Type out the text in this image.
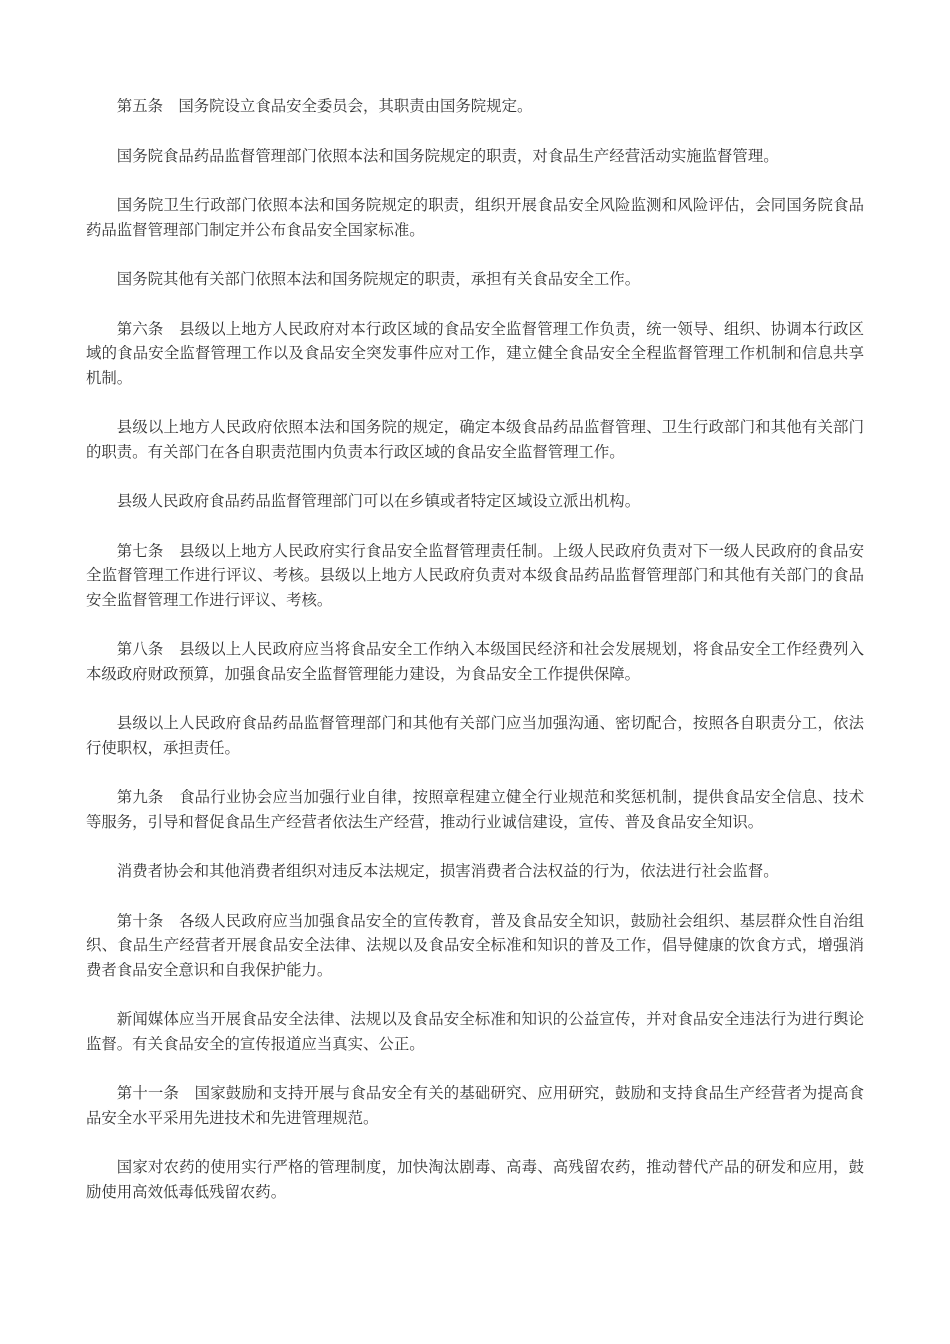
第五条　国务院设立食品安全委员会，其职责由国务院规定。

国务院食品药品监督管理部门依照本法和国务院规定的职责，对食品生产经营活动实施监督管理。

国务院卫生行政部门依照本法和国务院规定的职责，组织开展食品安全风险监测和风险评估，会同国务院食品药品监督管理部门制定并公布食品安全国家标准。

国务院其他有关部门依照本法和国务院规定的职责，承担有关食品安全工作。

第六条　县级以上地方人民政府对本行政区域的食品安全监督管理工作负责，统一领导、组织、协调本行政区域的食品安全监督管理工作以及食品安全突发事件应对工作，建立健全食品安全全程监督管理工作机制和信息共享机制。

县级以上地方人民政府依照本法和国务院的规定，确定本级食品药品监督管理、卫生行政部门和其他有关部门的职责。有关部门在各自职责范围内负责本行政区域的食品安全监督管理工作。

县级人民政府食品药品监督管理部门可以在乡镇或者特定区域设立派出机构。

第七条　县级以上地方人民政府实行食品安全监督管理责任制。上级人民政府负责对下一级人民政府的食品安全监督管理工作进行评议、考核。县级以上地方人民政府负责对本级食品药品监督管理部门和其他有关部门的食品安全监督管理工作进行评议、考核。

第八条　县级以上人民政府应当将食品安全工作纳入本级国民经济和社会发展规划，将食品安全工作经费列入本级政府财政预算，加强食品安全监督管理能力建设，为食品安全工作提供保障。

县级以上人民政府食品药品监督管理部门和其他有关部门应当加强沟通、密切配合，按照各自职责分工，依法行使职权，承担责任。

第九条　食品行业协会应当加强行业自律，按照章程建立健全行业规范和奖惩机制，提供食品安全信息、技术等服务，引导和督促食品生产经营者依法生产经营，推动行业诚信建设，宣传、普及食品安全知识。

消费者协会和其他消费者组织对违反本法规定，损害消费者合法权益的行为，依法进行社会监督。

第十条　各级人民政府应当加强食品安全的宣传教育，普及食品安全知识，鼓励社会组织、基层群众性自治组织、食品生产经营者开展食品安全法律、法规以及食品安全标准和知识的普及工作，倡导健康的饮食方式，增强消费者食品安全意识和自我保护能力。

新闻媒体应当开展食品安全法律、法规以及食品安全标准和知识的公益宣传，并对食品安全违法行为进行舆论监督。有关食品安全的宣传报道应当真实、公正。

第十一条　国家鼓励和支持开展与食品安全有关的基础研究、应用研究，鼓励和支持食品生产经营者为提高食品安全水平采用先进技术和先进管理规范。

国家对农药的使用实行严格的管理制度，加快淘汰剧毒、高毒、高残留农药，推动替代产品的研发和应用，鼓励使用高效低毒低残留农药。
